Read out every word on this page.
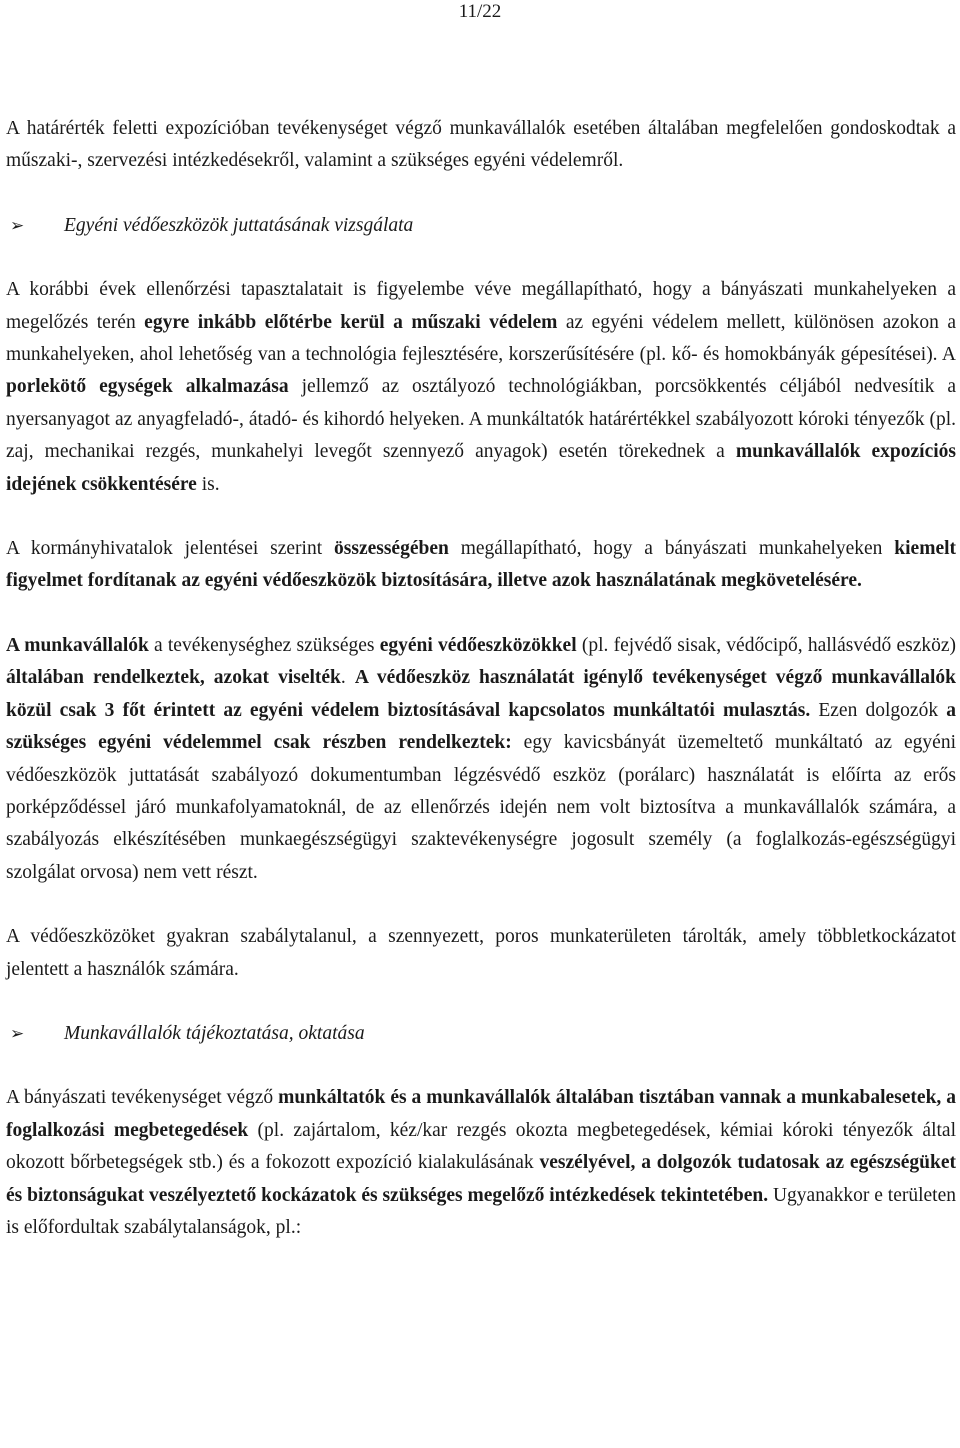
11/22

A határérték feletti expozícióban tevékenységet végző munkavállalók esetében általában megfelelően gondoskodtak a műszaki-, szervezési intézkedésekről, valamint a szükséges egyéni védelemről.

➢	Egyéni védőeszközök juttatásának vizsgálata

A korábbi évek ellenőrzési tapasztalatait is figyelembe véve megállapítható, hogy a bányászati munkahelyeken a megelőzés terén egyre inkább előtérbe kerül a műszaki védelem az egyéni védelem mellett, különösen azokon a munkahelyeken, ahol lehetőség van a technológia fejlesztésére, korszerűsítésére (pl. kő- és homokbányák gépesítései). A porlekötő egységek alkalmazása jellemző az osztályozó technológiákban, porcsökkentés céljából nedvesítik a nyersanyagot az anyagfeladó-, átadó- és kihordó helyeken. A munkáltatók határértékkel szabályozott kóroki tényezők (pl. zaj, mechanikai rezgés, munkahelyi levegőt szennyező anyagok) esetén törekednek a munkavállalók expozíciós idejének csökkentésére is.

A kormányhivatalok jelentései szerint összességében megállapítható, hogy a bányászati munkahelyeken kiemelt figyelmet fordítanak az egyéni védőeszközök biztosítására, illetve azok használatának megkövetelésére.

A munkavállalók a tevékenységhez szükséges egyéni védőeszközökkel (pl. fejvédő sisak, védőcipő, hallásvédő eszköz) általában rendelkeztek, azokat viselték. A védőeszköz használatát igénylő tevékenységet végző munkavállalók közül csak 3 főt érintett az egyéni védelem biztosításával kapcsolatos munkáltatói mulasztás. Ezen dolgozók a szükséges egyéni védelemmel csak részben rendelkeztek: egy kavicsbányát üzemeltető munkáltató az egyéni védőeszközök juttatását szabályozó dokumentumban légzésvédő eszköz (porálarc) használatát is előírta az erős porképződéssel járó munkafolyamatoknál, de az ellenőrzés idején nem volt biztosítva a munkavállalók számára, a szabályozás elkészítésében munkaegészségügyi szaktevékenységre jogosult személy (a foglalkozás-egészségügyi szolgálat orvosa) nem vett részt.

A védőeszközöket gyakran szabálytalanul, a szennyezett, poros munkaterületen tárolták, amely többletkockázatot jelentett a használók számára.

➢	Munkavállalók tájékoztatása, oktatása

A bányászati tevékenységet végző munkáltatók és a munkavállalók általában tisztában vannak a munkabalesetek, a foglalkozási megbetegedések (pl. zajártalom, kéz/kar rezgés okozta megbetegedések, kémiai kóroki tényezők által okozott bőrbetegségek stb.) és a fokozott expozíció kialakulásának veszélyével, a dolgozók tudatosak az egészségüket és biztonságukat veszélyeztető kockázatok és szükséges megelőző intézkedések tekintetében. Ugyanakkor e területen is előfordultak szabálytalanságok, pl.:
